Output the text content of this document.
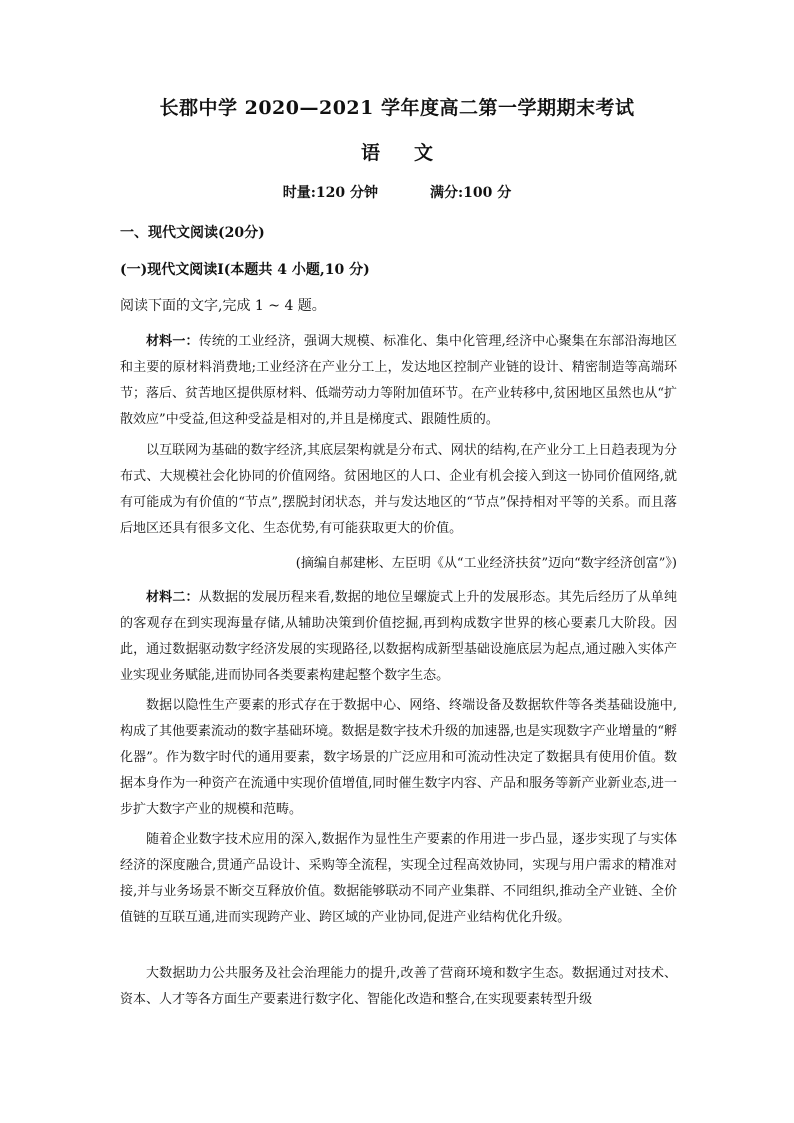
长郡中学 2020—2021 学年度高二第一学期期末考试
语 文
时量:120 分钟	满分:100 分
一、现代文阅读(20分)
(一)现代文阅读Ⅰ(本题共 4 小题,10 分)
阅读下面的文字,完成 1 ~ 4 题。
材料一：传统的工业经济，强调大规模、标准化、集中化管理,经济中心聚集在东部沿海地区和主要的原材料消费地;工业经济在产业分工上，发达地区控制产业链的设计、精密制造等高端环节；落后、贫苦地区提供原材料、低端劳动力等附加值环节。在产业转移中,贫困地区虽然也从“扩散效应”中受益,但这种受益是相对的,并且是梯度式、跟随性质的。
以互联网为基础的数字经济,其底层架构就是分布式、网状的结构,在产业分工上日趋表现为分布式、大规模社会化协同的价值网络。贫困地区的人口、企业有机会接入到这一协同价值网络,就有可能成为有价值的“节点”,摆脱封闭状态，并与发达地区的“节点”保持相对平等的关系。而且落后地区还具有很多文化、生态优势,有可能获取更大的价值。
(摘编自郝建彬、左臣明《从“工业经济扶贫”迈向“数字经济创富”》)
材料二：从数据的发展历程来看,数据的地位呈螺旋式上升的发展形态。其先后经历了从单纯的客观存在到实现海量存储,从辅助决策到价值挖掘,再到构成数字世界的核心要素几大阶段。因此，通过数据驱动数字经济发展的实现路径,以数据构成新型基础设施底层为起点,通过融入实体产业实现业务赋能,进而协同各类要素构建起整个数字生态。
数据以隐性生产要素的形式存在于数据中心、网络、终端设备及数据软件等各类基础设施中,构成了其他要素流动的数字基础环境。数据是数字技术升级的加速器,也是实现数字产业增量的“孵化器”。作为数字时代的通用要素，数字场景的广泛应用和可流动性决定了数据具有使用价值。数据本身作为一种资产在流通中实现价值增值,同时催生数字内容、产品和服务等新产业新业态,进一步扩大数字产业的规模和范畴。
随着企业数字技术应用的深入,数据作为显性生产要素的作用进一步凸显，逐步实现了与实体经济的深度融合,贯通产品设计、采购等全流程，实现全过程高效协同，实现与用户需求的精准对接,并与业务场景不断交互释放价值。数据能够联动不同产业集群、不同组织,推动全产业链、全价值链的互联互通,进而实现跨产业、跨区域的产业协同,促进产业结构优化升级。
大数据助力公共服务及社会治理能力的提升,改善了营商环境和数字生态。数据通过对技术、资本、人才等各方面生产要素进行数字化、智能化改造和整合,在实现要素转型升级
